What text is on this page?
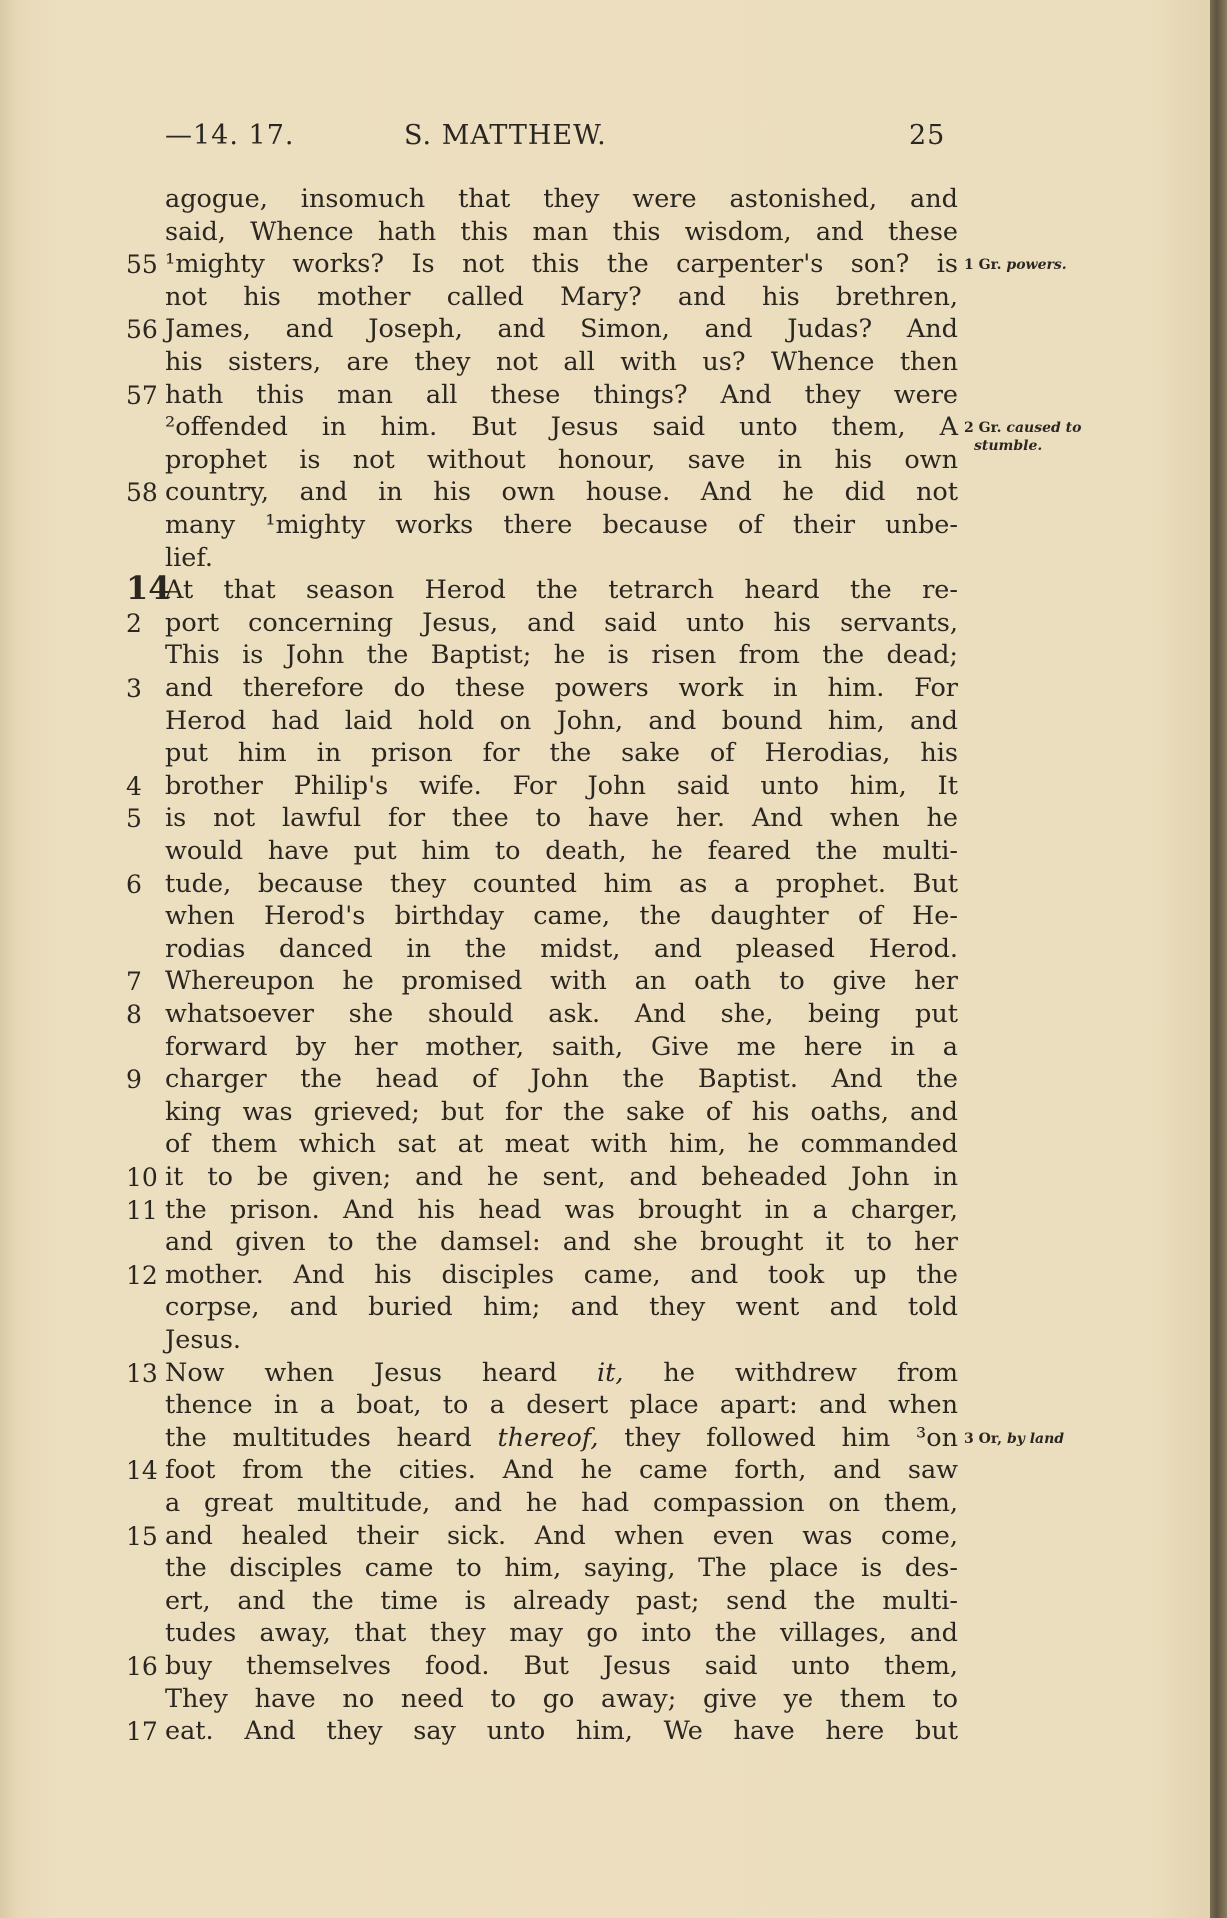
—14. 17.	S. MATTHEW.	25
agogue, insomuch that they were astonished, and
said, Whence hath this man this wisdom, and these
55 ¹mighty works? Is not this the carpenter's son? is
not his mother called Mary? and his brethren,
56 James, and Joseph, and Simon, and Judas? And
his sisters, are they not all with us? Whence then
57 hath this man all these things? And they were
²offended in him. But Jesus said unto them, A
prophet is not without honour, save in his own
58 country, and in his own house. And he did not
many ¹mighty works there because of their unbe-
lief.
14
At that season Herod the tetrarch heard the re-
2 port concerning Jesus, and said unto his servants,
This is John the Baptist; he is risen from the dead;
3 and therefore do these powers work in him. For
Herod had laid hold on John, and bound him, and
put him in prison for the sake of Herodias, his
4 brother Philip's wife. For John said unto him, It
5 is not lawful for thee to have her. And when he
would have put him to death, he feared the multi-
6 tude, because they counted him as a prophet. But
when Herod's birthday came, the daughter of He-
rodias danced in the midst, and pleased Herod.
7 Whereupon he promised with an oath to give her
8 whatsoever she should ask. And she, being put
forward by her mother, saith, Give me here in a
9 charger the head of John the Baptist. And the
king was grieved; but for the sake of his oaths, and
of them which sat at meat with him, he commanded
10 it to be given; and he sent, and beheaded John in
11 the prison. And his head was brought in a charger,
and given to the damsel: and she brought it to her
12 mother. And his disciples came, and took up the
corpse, and buried him; and they went and told
Jesus.
13 Now when Jesus heard it, he withdrew from
thence in a boat, to a desert place apart: and when
the multitudes heard thereof, they followed him ³on
14 foot from the cities. And he came forth, and saw
a great multitude, and he had compassion on them,
15 and healed their sick. And when even was come,
the disciples came to him, saying, The place is des-
ert, and the time is already past; send the multi-
tudes away, that they may go into the villages, and
16 buy themselves food. But Jesus said unto them,
They have no need to go away; give ye them to
17 eat. And they say unto him, We have here but
1 Gr. powers.
2 Gr. caused to
stumble.
3 Or, by land
